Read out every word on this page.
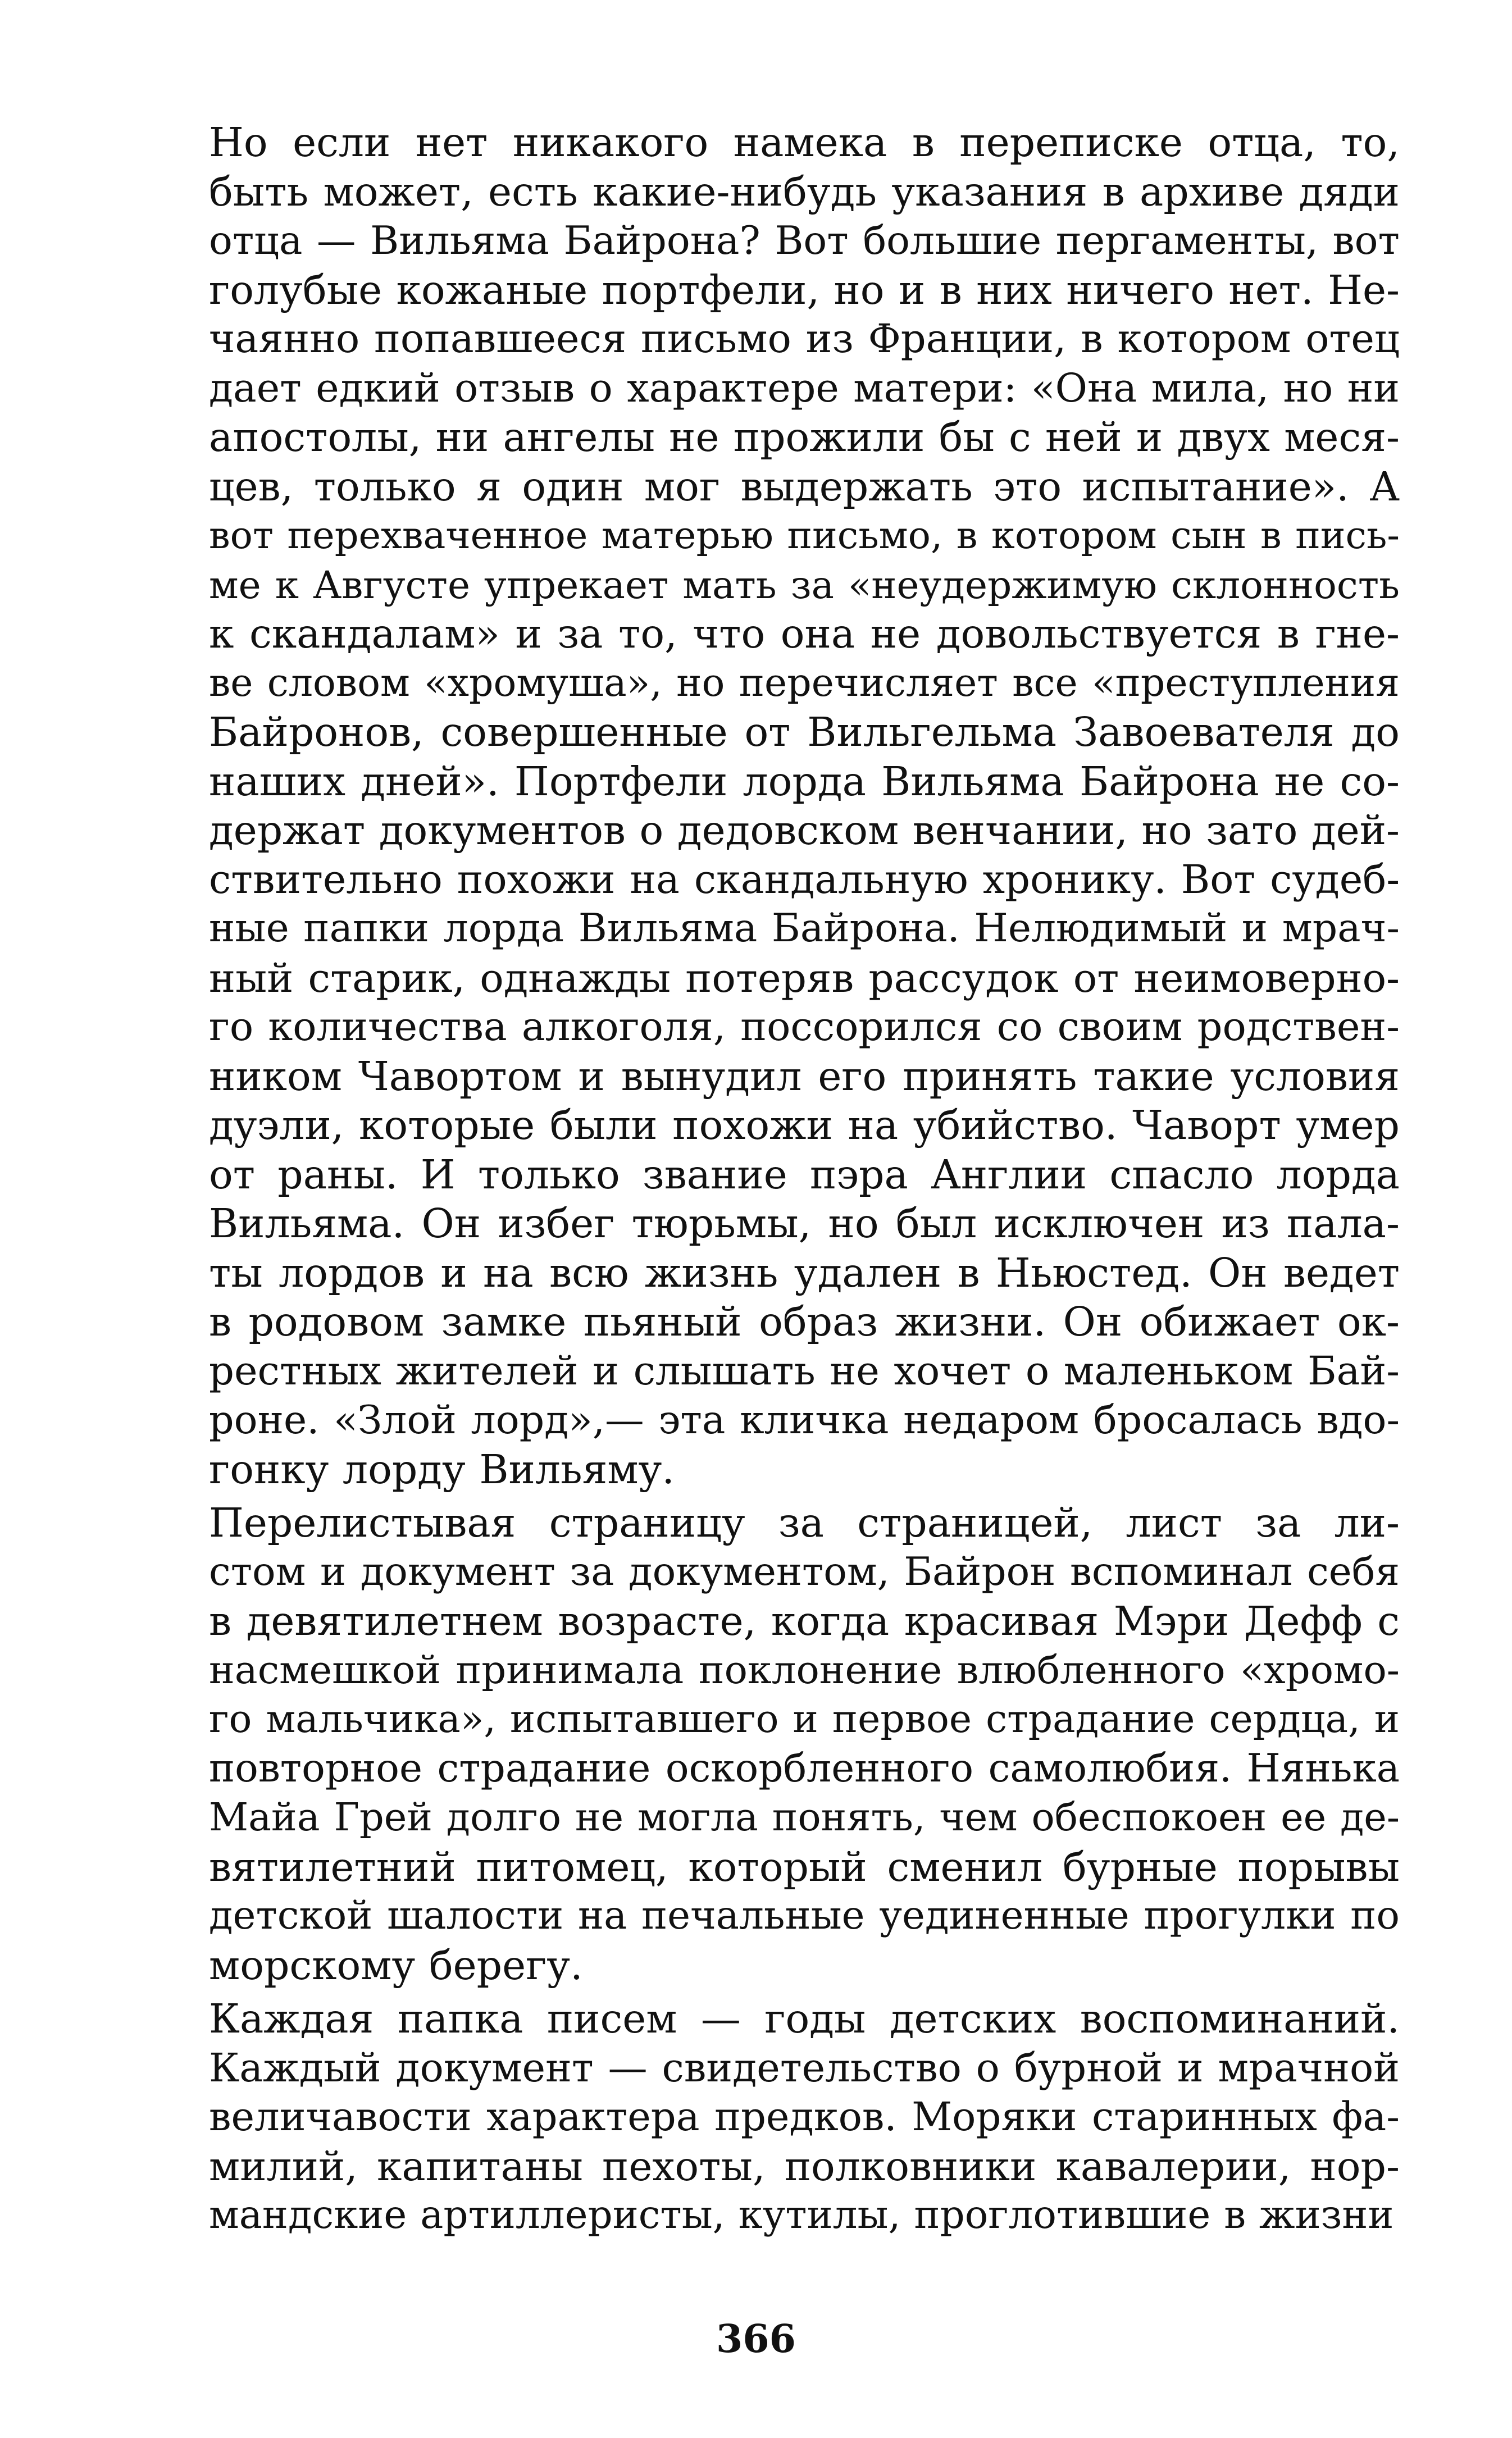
Но если нет никакого намека в переписке отца, то,
быть может, есть какие-нибудь указания в архиве дяди
отца — Вильяма Байрона? Вот большие пергаменты, вот
голубые кожаные портфели, но и в них ничего нет. Не-
чаянно попавшееся письмо из Франции, в котором отец
дает едкий отзыв о характере матери: «Она мила, но ни
апостолы, ни ангелы не прожили бы с ней и двух меся-
цев, только я один мог выдержать это испытание». А
вот перехваченное матерью письмо, в котором сын в пись-
ме к Августе упрекает мать за «неудержимую склонность
к скандалам» и за то, что она не довольствуется в гне-
ве словом «хромуша», но перечисляет все «преступления
Байронов, совершенные от Вильгельма Завоевателя до
наших дней». Портфели лорда Вильяма Байрона не со-
держат документов о дедовском венчании, но зато дей-
ствительно похожи на скандальную хронику. Вот судеб-
ные папки лорда Вильяма Байрона. Нелюдимый и мрач-
ный старик, однажды потеряв рассудок от неимоверно-
го количества алкоголя, поссорился со своим родствен-
ником Чавортом и вынудил его принять такие условия
дуэли, которые были похожи на убийство. Чаворт умер
от раны. И только звание пэра Англии спасло лорда
Вильяма. Он избег тюрьмы, но был исключен из пала-
ты лордов и на всю жизнь удален в Ньюстед. Он ведет
в родовом замке пьяный образ жизни. Он обижает ок-
рестных жителей и слышать не хочет о маленьком Бай-
роне. «Злой лорд»,— эта кличка недаром бросалась вдо-
гонку лорду Вильяму.
Перелистывая страницу за страницей, лист за ли-
стом и документ за документом, Байрон вспоминал себя
в девятилетнем возрасте, когда красивая Мэри Дефф с
насмешкой принимала поклонение влюбленного «хромо-
го мальчика», испытавшего и первое страдание сердца, и
повторное страдание оскорбленного самолюбия. Нянька
Майа Грей долго не могла понять, чем обеспокоен ее де-
вятилетний питомец, который сменил бурные порывы
детской шалости на печальные уединенные прогулки по
морскому берегу.
Каждая папка писем — годы детских воспоминаний.
Каждый документ — свидетельство о бурной и мрачной
величавости характера предков. Моряки старинных фа-
милий, капитаны пехоты, полковники кавалерии, нор-
мандские артиллеристы, кутилы, проглотившие в жизни
366
